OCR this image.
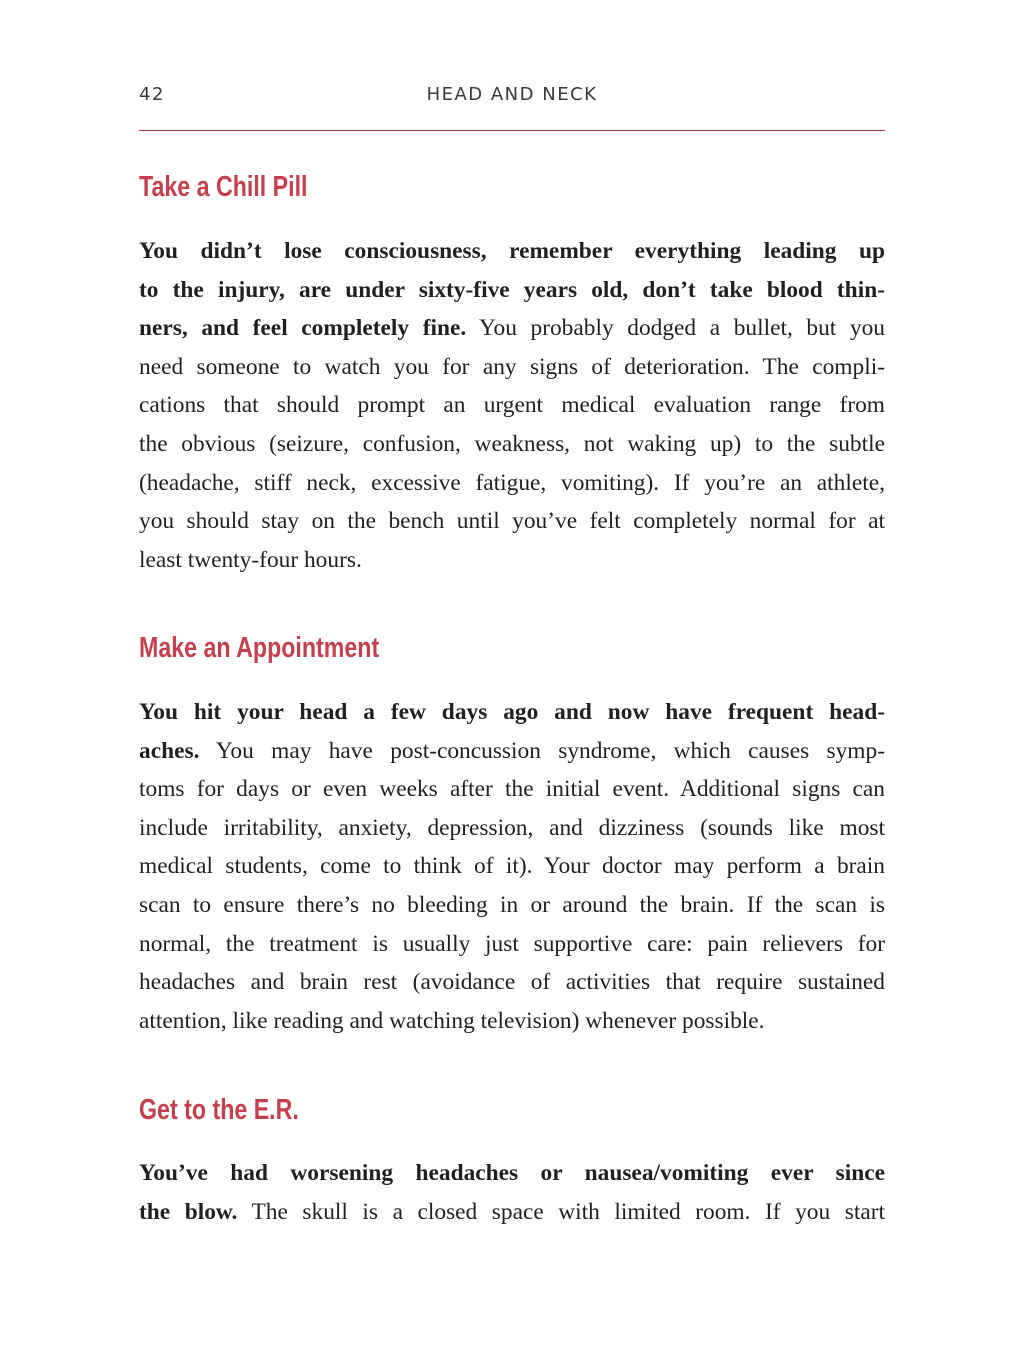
42	HEAD AND NECK
Take a Chill Pill
You didn’t lose consciousness, remember everything leading up
to the injury, are under sixty-five years old, don’t take blood thin-
ners, and feel completely fine. You probably dodged a bullet, but you
need someone to watch you for any signs of deterioration. The compli-
cations that should prompt an urgent medical evaluation range from
the obvious (seizure, confusion, weakness, not waking up) to the subtle
(headache, stiff neck, excessive fatigue, vomiting). If you’re an athlete,
you should stay on the bench until you’ve felt completely normal for at
least twenty-four hours.
Make an Appointment
You hit your head a few days ago and now have frequent head-
aches. You may have post-concussion syndrome, which causes symp-
toms for days or even weeks after the initial event. Additional signs can
include irritability, anxiety, depression, and dizziness (sounds like most
medical students, come to think of it). Your doctor may perform a brain
scan to ensure there’s no bleeding in or around the brain. If the scan is
normal, the treatment is usually just supportive care: pain relievers for
headaches and brain rest (avoidance of activities that require sustained
attention, like reading and watching television) whenever possible.
Get to the E.R.
You’ve had worsening headaches or nausea/vomiting ever since
the blow. The skull is a closed space with limited room. If you start
